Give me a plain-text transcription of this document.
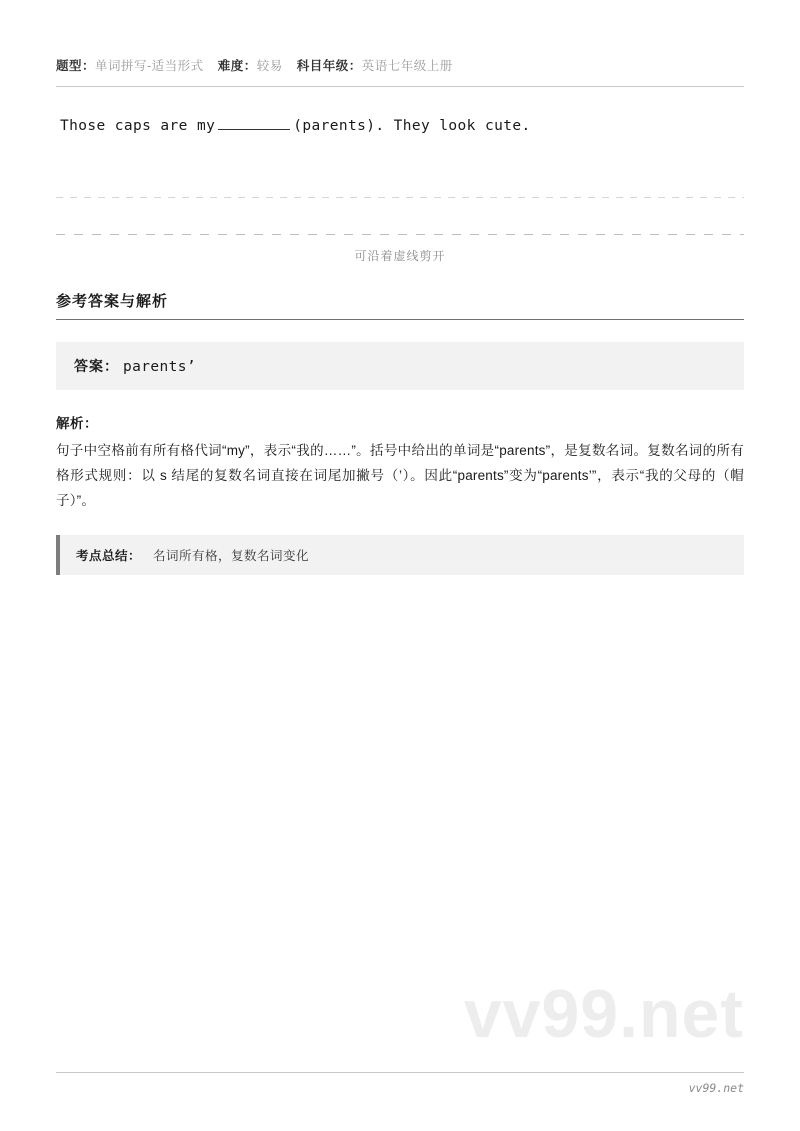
题型： 单词拼写-适当形式 难度： 较易 科目年级： 英语七年级上册
Those caps are my	(parents). They look cute.
可沿着虚线剪开
参考答案与解析
答案： parents’
解析：
句子中空格前有所有格代词“my”，表示“我的……”。括号中给出的单词是“parents”，是复数名词。复数名词的所有格形式规则：以 s 结尾的复数名词直接在词尾加撇号（’）。因此“parents”变为“parents’”，表示“我的父母的（帽子）”。
考点总结： 名词所有格，复数名词变化
vv99.net
vv99.net
